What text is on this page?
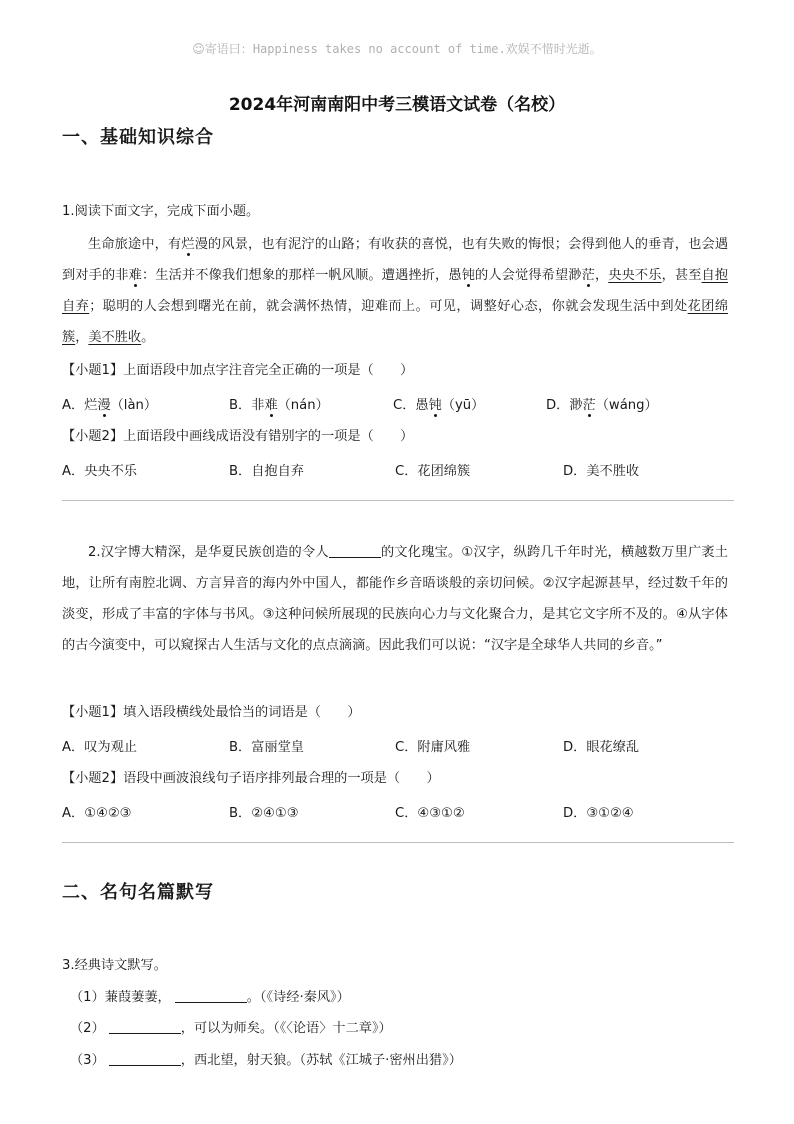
☺寄语曰：Happiness takes no account of time.欢娱不惜时光逝。
2024年河南南阳中考三模语文试卷（名校）
一、基础知识综合
1.阅读下面文字，完成下面小题。

生命旅途中，有烂漫的风景，也有泥泞的山路；有收获的喜悦，也有失败的悔恨；会得到他人的垂青，也会遇到对手的非难：生活并不像我们想象的那样一帆风顺。遭遇挫折，愚钝的人会觉得希望渺茫，央央不乐，甚至自抱自弃；聪明的人会想到曙光在前，就会满怀热情，迎难而上。可见，调整好心态，你就会发现生活中到处花团绵簇，美不胜收。

【小题1】上面语段中加点字注音完全正确的一项是（　　）
A．烂漫（làn）	B．非难（nán）	C．愚钝（yū）	D．渺茫（wáng）
【小题2】上面语段中画线成语没有错别字的一项是（　　）
A．央央不乐	B．自抱自弃	C．花团绵簇	D．美不胜收

2.汉字博大精深，是华夏民族创造的令人	的文化瑰宝。①汉字，纵跨几千年时光，横越数万里广袤土地，让所有南腔北调、方言异音的海内外中国人，都能作乡音晤谈般的亲切问候。②汉字起源甚早，经过数千年的淡变，形成了丰富的字体与书风。③这种问候所展现的民族向心力与文化聚合力，是其它文字所不及的。④从字体的古今演变中，可以窥探古人生活与文化的点点滴滴。因此我们可以说：“汉字是全球华人共同的乡音。”

【小题1】填入语段横线处最恰当的词语是（　　）
A．叹为观止	B．富丽堂皇	C．附庸风雅	D．眼花缭乱
【小题2】语段中画波浪线句子语序排列最合理的一项是（　　）
A．①④②③	B．②④①③	C．④③①②	D．③①②④
二、名句名篇默写
3.经典诗文默写。
（1）蒹葭萋萋，	。（《诗经·秦风》）
（2）	，可以为师矣。（《〈论语〉十二章》）
（3）	，西北望，射天狼。（苏轼《江城子·密州出猎》）
